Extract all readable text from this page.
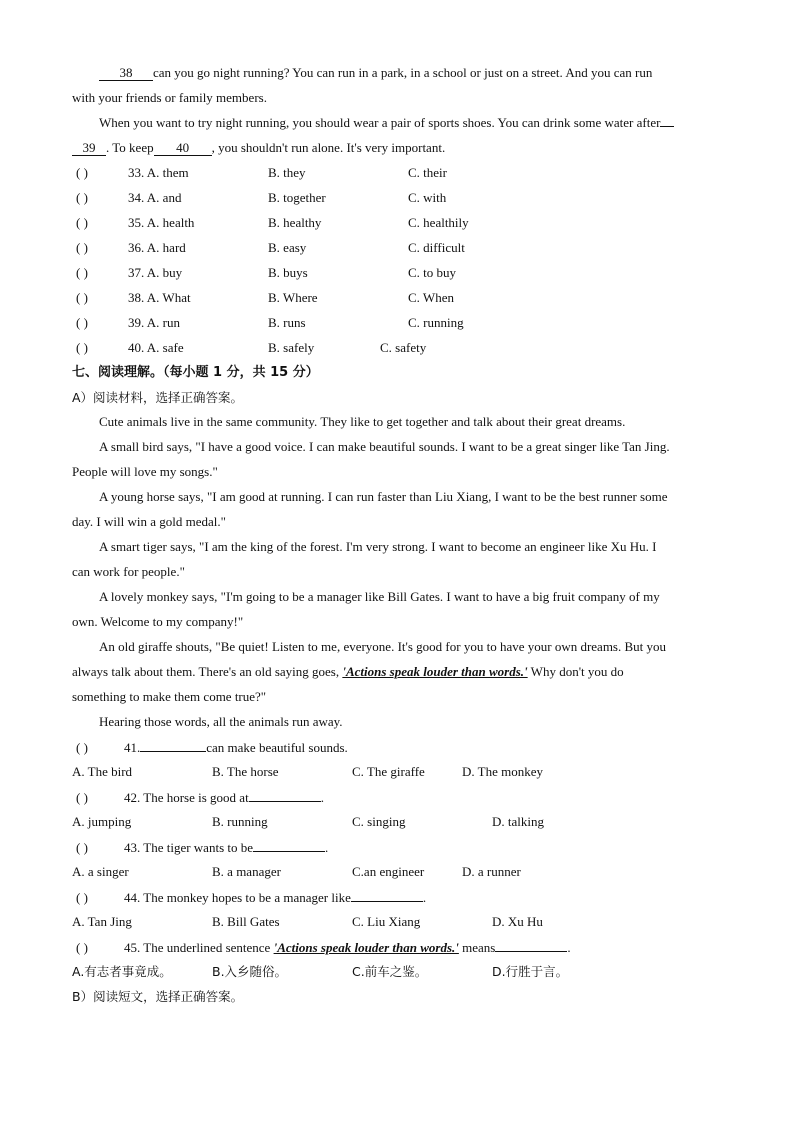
38 can you go night running? You can run in a park, in a school or just on a street. And you can run
with your friends or family members.
When you want to try night running, you should wear a pair of sports shoes. You can drink some water after
39 . To keep 40 , you shouldn't run alone. It's very important.
( )	33. A. them	B. they	C. their
( )	34. A. and	B. together	C. with
( )	35. A. health	B. healthy	C. healthily
( )	36. A. hard	B. easy	C. difficult
( )	37. A. buy	B. buys	C. to buy
( )	38. A. What	B. Where	C. When
( )	39. A. run	B. runs	C. running
( )	40. A. safe	B. safely	C. safety
七、阅读理解。（每小题 1 分，共 15 分）
A）阅读材料，选择正确答案。
Cute animals live in the same community. They like to get together and talk about their great dreams.
A small bird says, "I have a good voice. I can make beautiful sounds. I want to be a great singer like Tan Jing.
People will love my songs."
A young horse says, "I am good at running. I can run faster than Liu Xiang, I want to be the best runner some
day. I will win a gold medal."
A smart tiger says, "I am the king of the forest. I'm very strong. I want to become an engineer like Xu Hu. I
can work for people."
A lovely monkey says, "I'm going to be a manager like Bill Gates. I want to have a big fruit company of my
own. Welcome to my company!"
An old giraffe shouts, "Be quiet! Listen to me, everyone. It's good for you to have your own dreams. But you
always talk about them. There's an old saying goes, 'Actions speak louder than words.' Why don't you do
something to make them come true?"
Hearing those words, all the animals run away.
( )	41.	can make beautiful sounds.
A. The bird	B. The horse	C. The giraffe	D. The monkey
( )	42. The horse is good at	.
A. jumping	B. running	C. singing	D. talking
( )	43. The tiger wants to be	.
A. a singer	B. a manager	C.an engineer	D. a runner
( )	44. The monkey hopes to be a manager like	.
A. Tan Jing	B. Bill Gates	C. Liu Xiang	D. Xu Hu
( )	45. The underlined sentence 'Actions speak louder than words.' means	.
A.有志者事竟成。	B.入乡随俗。	C.前车之鉴。	D.行胜于言。
B）阅读短文，选择正确答案。
